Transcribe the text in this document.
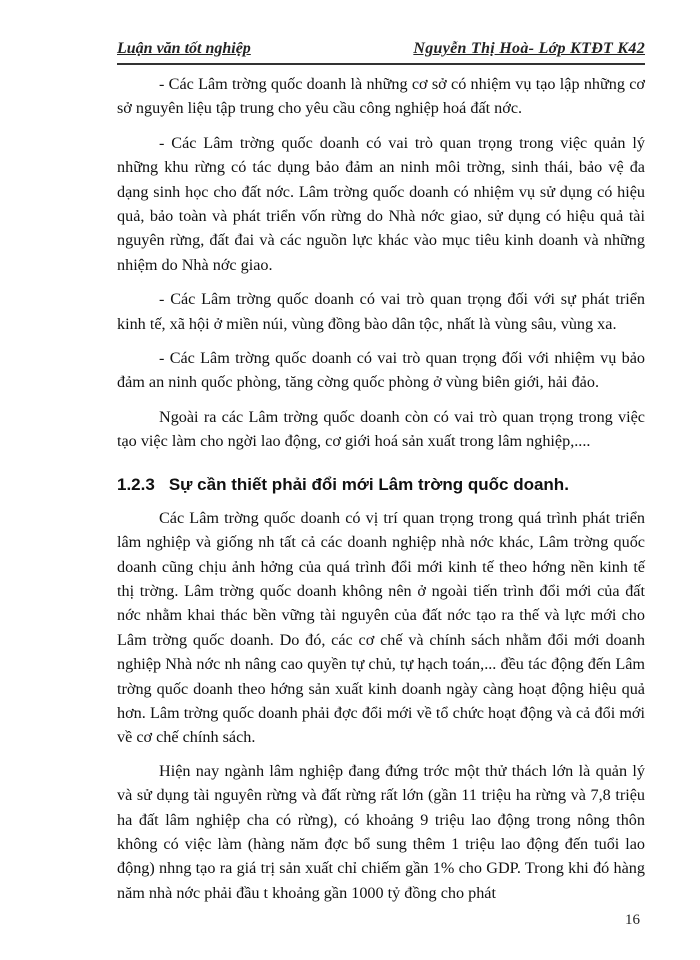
Luận văn tốt nghiệp	Nguyễn Thị Hoà- Lớp KTĐT K42

- Các Lâm trờng quốc doanh là những cơ sở có nhiệm vụ tạo lập những cơ sở nguyên liệu tập trung cho yêu cầu công nghiệp hoá đất nớc.

- Các Lâm trờng quốc doanh có vai trò quan trọng trong việc quản lý những khu rừng có tác dụng bảo đảm an ninh môi trờng, sinh thái, bảo vệ đa dạng sinh học cho đất nớc. Lâm trờng quốc doanh có nhiệm vụ sử dụng có hiệu quả, bảo toàn và phát triển vốn rừng do Nhà nớc giao, sử dụng có hiệu quả tài nguyên rừng, đất đai và các nguồn lực khác vào mục tiêu kinh doanh và những nhiệm do Nhà nớc giao.

- Các Lâm trờng quốc doanh có vai trò quan trọng đối với sự phát triển kinh tế, xã hội ở miền núi, vùng đồng bào dân tộc, nhất là vùng sâu, vùng xa.

- Các Lâm trờng quốc doanh có vai trò quan trọng đối với nhiệm vụ bảo đảm an ninh quốc phòng, tăng cờng quốc phòng ở vùng biên giới, hải đảo.

Ngoài ra các Lâm trờng quốc doanh còn có vai trò quan trọng trong việc tạo việc làm cho ngời lao động, cơ giới hoá sản xuất trong lâm nghiệp,....

1.2.3 Sự cần thiết phải đổi mới Lâm trờng quốc doanh.

Các Lâm trờng quốc doanh có vị trí quan trọng trong quá trình phát triển lâm nghiệp và giống nh tất cả các doanh nghiệp nhà nớc khác, Lâm trờng quốc doanh cũng chịu ảnh hởng của quá trình đổi mới kinh tế theo hớng nền kinh tế thị trờng. Lâm trờng quốc doanh không nên ở ngoài tiến trình đổi mới của đất nớc nhằm khai thác bền vững tài nguyên của đất nớc tạo ra thế và lực mới cho Lâm trờng quốc doanh. Do đó, các cơ chế và chính sách nhằm đổi mới doanh nghiệp Nhà nớc nh nâng cao quyền tự chủ, tự hạch toán,... đều tác động đến Lâm trờng quốc doanh theo hớng sản xuất kinh doanh ngày càng hoạt động hiệu quả hơn. Lâm trờng quốc doanh phải đợc đổi mới về tổ chức hoạt động và cả đổi mới về cơ chế chính sách.

Hiện nay ngành lâm nghiệp đang đứng trớc một thử thách lớn là quản lý và sử dụng tài nguyên rừng và đất rừng rất lớn (gần 11 triệu ha rừng và 7,8 triệu ha đất lâm nghiệp cha có rừng), có khoảng 9 triệu lao động trong nông thôn không có việc làm (hàng năm đợc bổ sung thêm 1 triệu lao động đến tuổi lao động) nhng tạo ra giá trị sản xuất chỉ chiếm gần 1% cho GDP. Trong khi đó hàng năm nhà nớc phải đầu t khoảng gần 1000 tỷ đồng cho phát

16
